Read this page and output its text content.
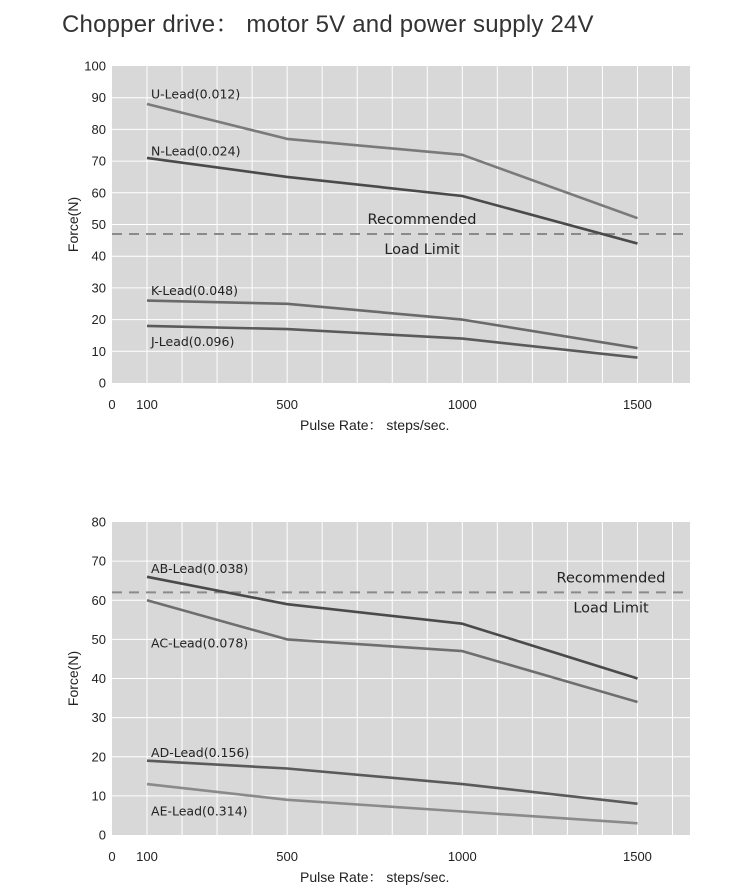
Chopper drive： motor 5V and power supply 24V
0
10
20
30
40
50
60
70
80
90
100
0 100	500	1000	1500
Pulse Rate： steps/sec.
Force(N)	Recommended
Load Limit
U-Lead(0.012)
N-Lead(0.024)
K-Lead(0.048)
J-Lead(0.096)
0
10
20
30
40
50
60
70
80
0 100	500	1000	1500
Pulse Rate： steps/sec.
Force(N)
Recommended
Load Limit
AB-Lead(0.038)
AC-Lead(0.078)
AD-Lead(0.156)
AE-Lead(0.314)
